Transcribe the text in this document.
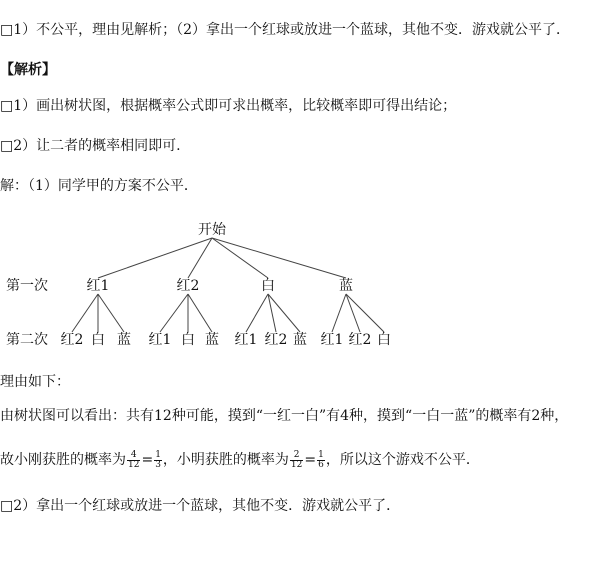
□1）不公平，理由见解析；（2）拿出一个红球或放进一个蓝球，其他不变．游戏就公平了．
【解析】
□1）画出树状图，根据概率公式即可求出概率，比较概率即可得出结论；
□2）让二者的概率相同即可.
解：（1）同学甲的方案不公平．
开始
第一次
第二次
红1	红2	白	蓝
红2 白 蓝 红1 白 蓝 红1 红2 蓝 红1 红2 白
理由如下：
由树状图可以看出：共有12种可能，摸到“一红一白”有4种，摸到“一白一蓝”的概率有2种，
故小刚获胜的概率为 $\frac{4}{12} = \frac{1}{3}$ ，小明获胜的概率为 $\frac{2}{12} = \frac{1}{6}$ ，所以这个游戏不公平．
□2）拿出一个红球或放进一个蓝球，其他不变．游戏就公平了．
